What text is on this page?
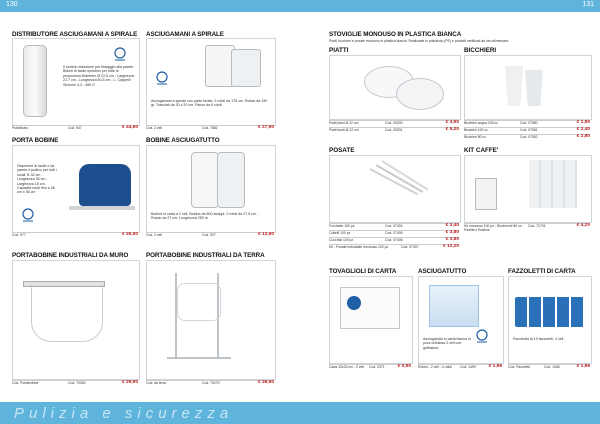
130	131
DISTRIBUTORE ASCIUGAMANI A SPIRALE
Il serie/in dotazione per fissaggio alla parete. Bidoni di facile ripristino per tutte le proporzioni.Diametro Ø 22,5 cm - Larghezza 22,7 cm - Lunghezza 60,5 cm - L. Cappelli Sezione 4,3 - 480 G
Pubblicato	Cod. 547	€ 44,90
ASCIUGAMANI A SPIRALE
Asciugamani a spirale con parte forata. 2 rotoli da 175 cm. Rotolo da 150 gr. Tranciati da 30 x 20 cm. Pacco da 6 rotoli
Cod. 2 veli	Cod. 7882	€ 27,90
PORTA BOBINE
Dispenser di facile e da parete e pratico per tutti i locali. B 32 cm - Lunghezza 35 cm - Larghezza 15 cm. Capacità rotoli fino a 28 cm x 36 cm
Cod. 977	€ 26,90
BOBINE ASCIUGATUTTO
Bobine in carta a 2 veli. Bobina da 800 strappi. 2 rotoli da 27,5 cm - Rotolo da 27 cm. Lunghezza 250 m
Cod. 2 veli	Cod. 927	€ 13,90
PORTABOBINE INDUSTRIALI DA MURO
Cod. Portabobine	Cod. 70280	€ 29,90
PORTABOBINE INDUSTRIALI DA TERRA
Cod. da terra	Cod. 70279	€ 38,90
STOVIGLIE MONOUSO IN PLASTICA BIANCA
Piatti, bicchieri e posate monouso in plastica bianca. Realizzate in polistirolo (PS) e prodotti certificati ad uso alimentare.
PIATTI
Piatti piani Ø 22 cm	Cod. 09200	€ 4,90
Piatti fondi Ø 22 cm	Cod. 09201	€ 5,20
BICCHIERI
Bicchieri acqua 200 cc	Cod. 07580	€ 1,90
Bicchieri 100 cc	Cod. 07581	€ 2,40
Bicchieri 80 cc	Cod. 07582	€ 2,80
POSATE
Forchette 100 pz	Cod. 07404	€ 3,40
Coltelli 100 pz	Cod. 07405	€ 3,80
Cucchiai 100 pz	Cod. 07406	€ 3,80
Kit - Posate imbustate monouso 100 pz	Cod. 07407	€ 12,20
KIT CAFFE'
Kit monouso 100 pz - Bicchierini 80 cc - Palette e Bustine
Cod. 71791	€ 4,20
TOVAGLIOLI DI CARTA
Carta 33x33 cm - 2 veli Cod. 2071	€ 0,90
ASCIUGATUTTO
Asciugatutto in carta bianca in pura cellulosa 2 veli con goffratura
Rotolo - 2 veli - 4 rotoli	Cod. 1499	€ 1,99
FAZZOLETTI DI CARTA
Pacchetto di 10 fazzoletti, 4 veli
Cod. Pacchetti	Cod. 1065	€ 1,95
Pulizia e sicurezza
